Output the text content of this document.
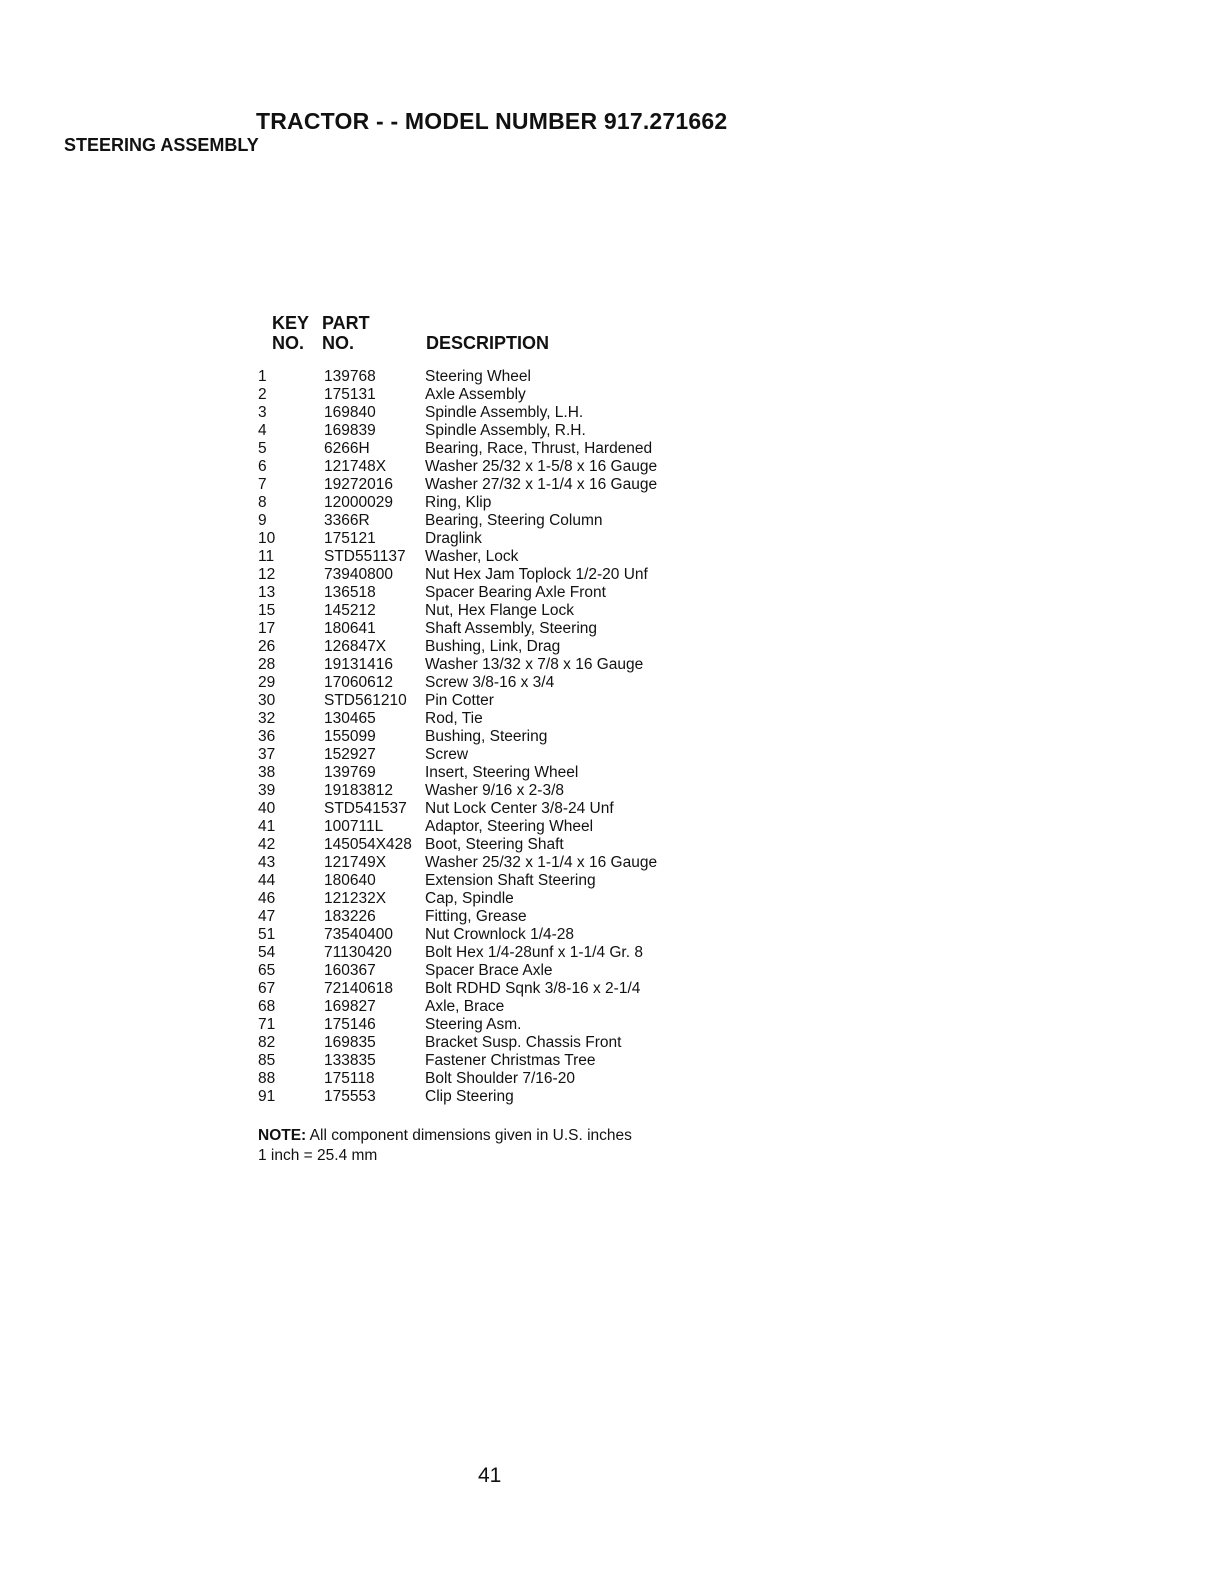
TRACTOR - - MODEL NUMBER 917.271662
STEERING ASSEMBLY
KEY
NO.
PART
NO.	DESCRIPTION
1	139768	Steering Wheel
2	175131	Axle Assembly
3	169840	Spindle Assembly, L.H.
4	169839	Spindle Assembly, R.H.
5	6266H	Bearing, Race, Thrust, Hardened
6	121748X	Washer 25/32 x 1-5/8 x 16 Gauge
7	19272016	Washer 27/32 x 1-1/4 x 16 Gauge
8	12000029	Ring, Klip
9	3366R	Bearing, Steering Column
10	175121	Draglink
11	STD551137	Washer, Lock
12	73940800	Nut Hex Jam Toplock 1/2-20 Unf
13	136518	Spacer Bearing Axle Front
15	145212	Nut, Hex Flange Lock
17	180641	Shaft Assembly, Steering
26	126847X	Bushing, Link, Drag
28	19131416	Washer 13/32 x 7/8 x 16 Gauge
29	17060612	Screw 3/8-16 x 3/4
30	STD561210	Pin Cotter
32	130465	Rod, Tie
36	155099	Bushing, Steering
37	152927	Screw
38	139769	Insert, Steering Wheel
39	19183812	Washer 9/16 x 2-3/8
40	STD541537	Nut Lock Center 3/8-24 Unf
41	100711L	Adaptor, Steering Wheel
42	145054X428 Boot, Steering Shaft
43	121749X	Washer 25/32 x 1-1/4 x 16 Gauge
44	180640	Extension Shaft Steering
46	121232X	Cap, Spindle
47	183226	Fitting, Grease
51	73540400	Nut Crownlock 1/4-28
54	71130420	Bolt Hex 1/4-28unf x 1-1/4 Gr. 8
65	160367	Spacer Brace Axle
67	72140618	Bolt RDHD Sqnk 3/8-16 x 2-1/4
68	169827	Axle, Brace
71	175146	Steering Asm.
82	169835	Bracket Susp. Chassis Front
85	133835	Fastener Christmas Tree
88	175118	Bolt Shoulder 7/16-20
91	175553	Clip Steering
NOTE: All component dimensions given in U.S. inches
1 inch = 25.4 mm
41
